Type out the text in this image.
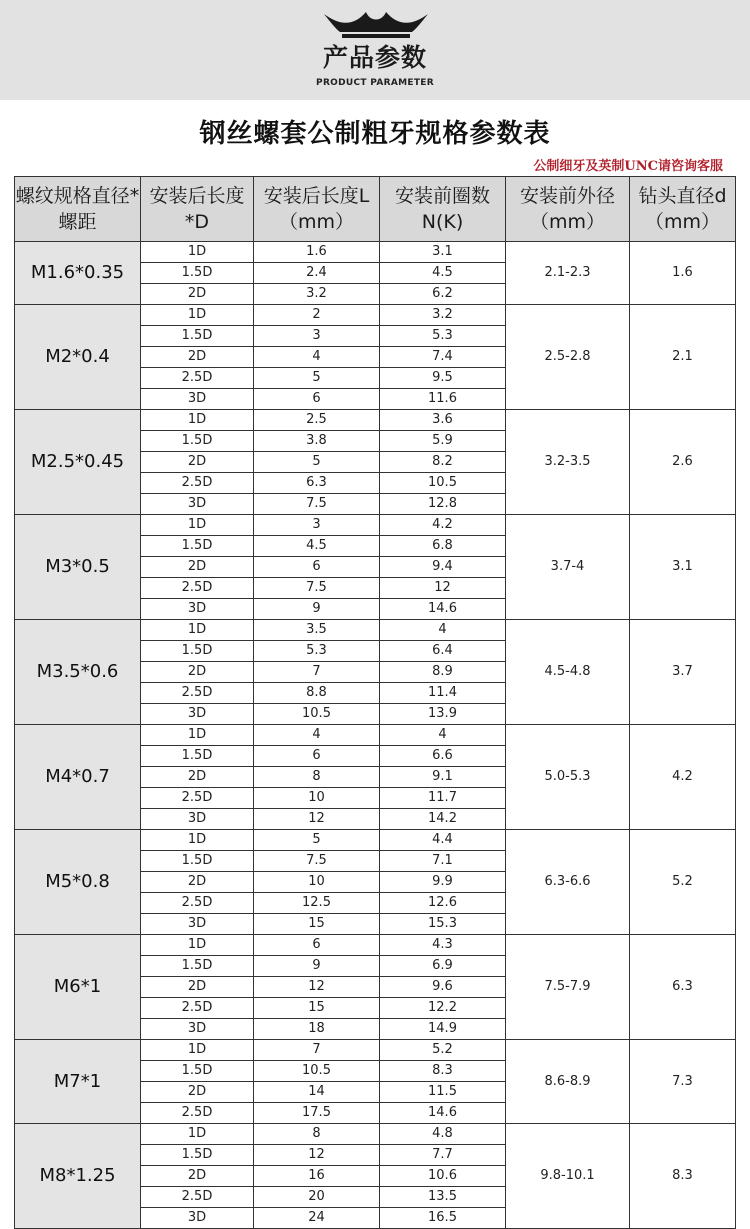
产品参数
PRODUCT PARAMETER
钢丝螺套公制粗牙规格参数表
公制细牙及英制UNC请咨询客服
螺纹规格直径*螺距	安装后长度*D	安装后长度L（mm）	安装前圈数N(K)	安装前外径（mm）	钻头直径d（mm）
M1.6*0.35	1D	1.6	3.1	2.1-2.3	1.6
	1.5D	2.4	4.5		
	2D	3.2	6.2		
M2*0.4	1D	2	3.2	2.5-2.8	2.1
	1.5D	3	5.3		
	2D	4	7.4		
	2.5D	5	9.5		
	3D	6	11.6		
M2.5*0.45	1D	2.5	3.6	3.2-3.5	2.6
	1.5D	3.8	5.9		
	2D	5	8.2		
	2.5D	6.3	10.5		
	3D	7.5	12.8		
M3*0.5	1D	3	4.2	3.7-4	3.1
	1.5D	4.5	6.8		
	2D	6	9.4		
	2.5D	7.5	12		
	3D	9	14.6		
M3.5*0.6	1D	3.5	4	4.5-4.8	3.7
	1.5D	5.3	6.4		
	2D	7	8.9		
	2.5D	8.8	11.4		
	3D	10.5	13.9		
M4*0.7	1D	4	4	5.0-5.3	4.2
	1.5D	6	6.6		
	2D	8	9.1		
	2.5D	10	11.7		
	3D	12	14.2		
M5*0.8	1D	5	4.4	6.3-6.6	5.2
	1.5D	7.5	7.1		
	2D	10	9.9		
	2.5D	12.5	12.6		
	3D	15	15.3		
M6*1	1D	6	4.3	7.5-7.9	6.3
	1.5D	9	6.9		
	2D	12	9.6		
	2.5D	15	12.2		
	3D	18	14.9		
M7*1	1D	7	5.2	8.6-8.9	7.3
	1.5D	10.5	8.3		
	2D	14	11.5		
	2.5D	17.5	14.6		
M8*1.25	1D	8	4.8	9.8-10.1	8.3
	1.5D	12	7.7		
	2D	16	10.6		
	2.5D	20	13.5		
	3D	24	16.5		
